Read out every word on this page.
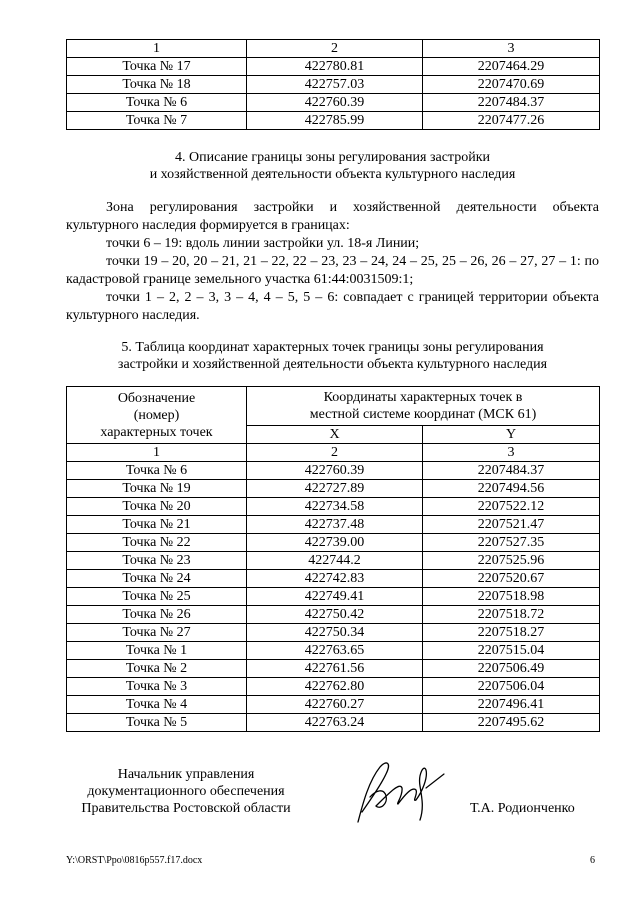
1	2	3
Точка № 17	422780.81	2207464.29
Точка № 18	422757.03	2207470.69
Точка № 6	422760.39	2207484.37
Точка № 7	422785.99	2207477.26
4. Описание границы зоны регулирования застройки
и хозяйственной деятельности объекта культурного наследия

Зона регулирования застройки и хозяйственной деятельности объекта культурного наследия формируется в границах:

точки 6 – 19: вдоль линии застройки ул. 18-я Линии;

точки 19 – 20, 20 – 21, 21 – 22, 22 – 23, 23 – 24, 24 – 25, 25 – 26, 26 – 27, 27 – 1: по кадастровой границе земельного участка 61:44:0031509:1;

точки 1 – 2, 2 – 3, 3 – 4, 4 – 5, 5 – 6: совпадает с границей территории объекта культурного наследия.

5. Таблица координат характерных точек границы зоны регулирования
застройки и хозяйственной деятельности объекта культурного наследия
Обозначение (номер) характерных точек	Координаты характерных точек в местной системе координат (МСК 61)	
	X	Y
1	2	3
Точка № 6	422760.39	2207484.37
Точка № 19	422727.89	2207494.56
Точка № 20	422734.58	2207522.12
Точка № 21	422737.48	2207521.47
Точка № 22	422739.00	2207527.35
Точка № 23	422744.2	2207525.96
Точка № 24	422742.83	2207520.67
Точка № 25	422749.41	2207518.98
Точка № 26	422750.42	2207518.72
Точка № 27	422750.34	2207518.27
Точка № 1	422763.65	2207515.04
Точка № 2	422761.56	2207506.49
Точка № 3	422762.80	2207506.04
Точка № 4	422760.27	2207496.41
Точка № 5	422763.24	2207495.62
Начальник управления
документационного обеспечения
Правительства Ростовской области	Т.А. Родионченко
Y:\ORST\Ppo\0816p557.f17.docx	6
